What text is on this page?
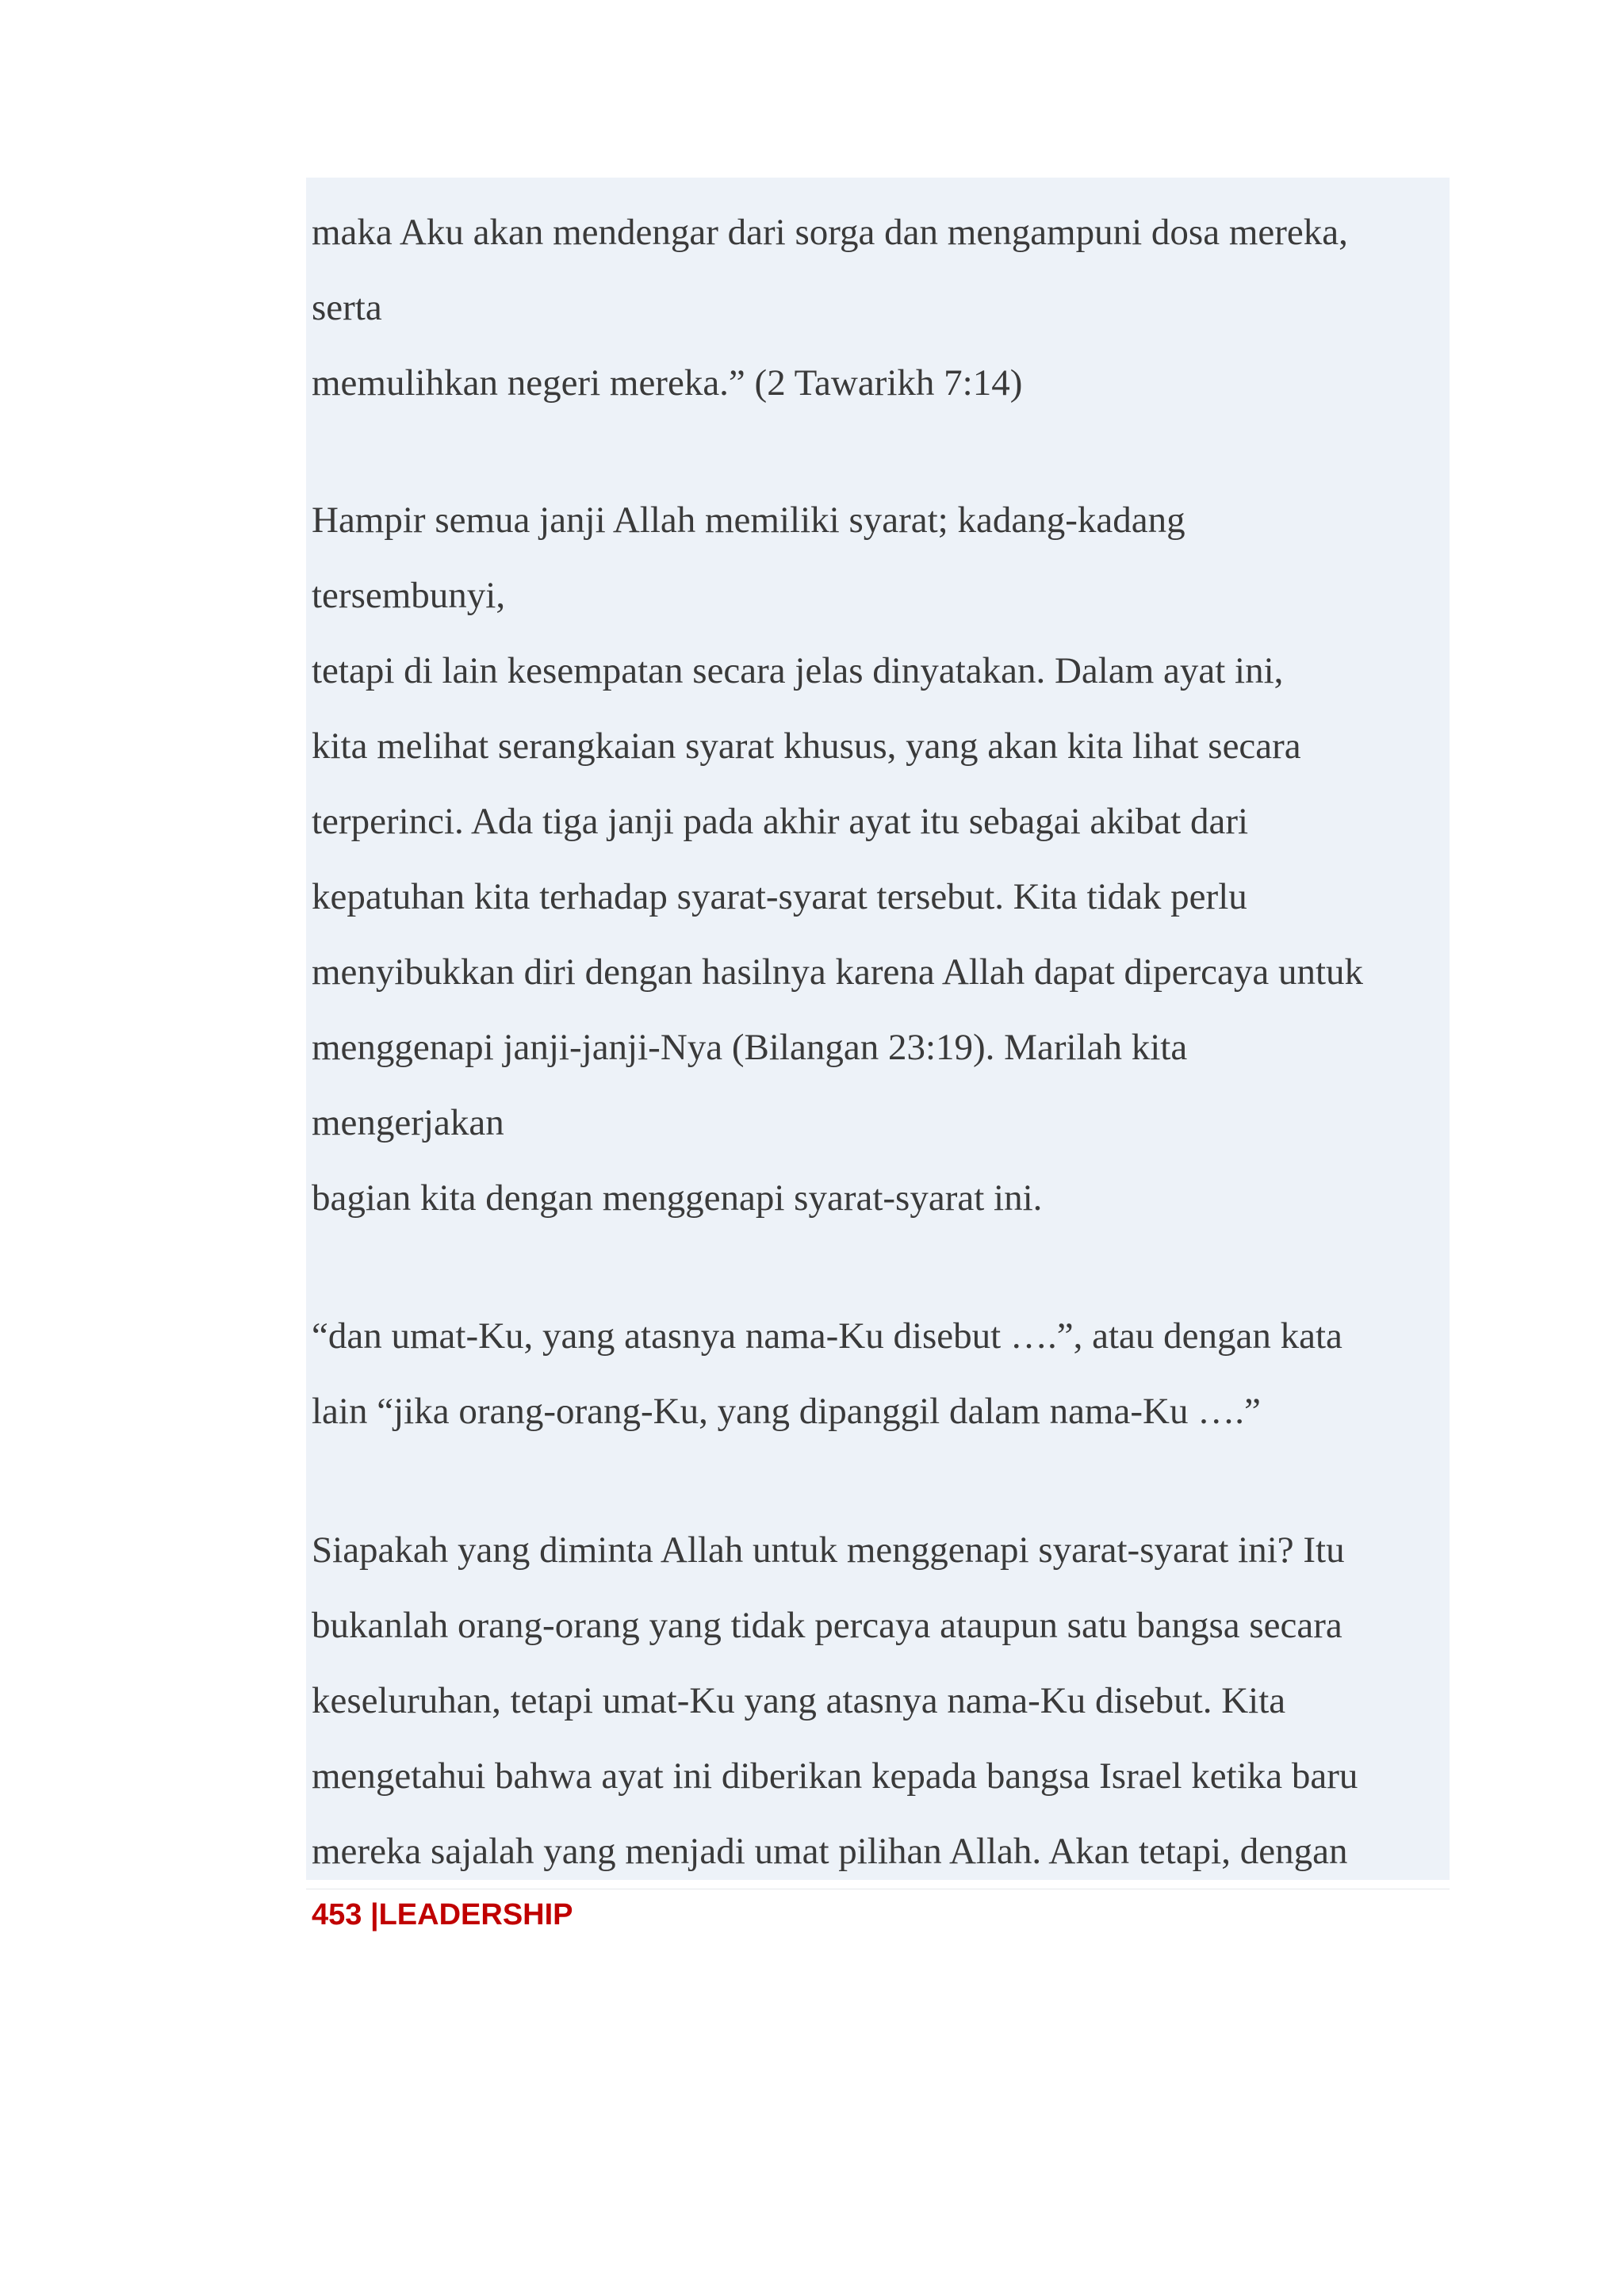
maka Aku akan mendengar dari sorga dan mengampuni dosa mereka,
serta
memulihkan negeri mereka.” (2 Tawarikh 7:14)
Hampir semua janji Allah memiliki syarat; kadang-kadang
tersembunyi,
tetapi di lain kesempatan secara jelas dinyatakan. Dalam ayat ini,
kita melihat serangkaian syarat khusus, yang akan kita lihat secara
terperinci. Ada tiga janji pada akhir ayat itu sebagai akibat dari
kepatuhan kita terhadap syarat-syarat tersebut. Kita tidak perlu
menyibukkan diri dengan hasilnya karena Allah dapat dipercaya untuk
menggenapi janji-janji-Nya (Bilangan 23:19). Marilah kita
mengerjakan
bagian kita dengan menggenapi syarat-syarat ini.
“dan umat-Ku, yang atasnya nama-Ku disebut ….”, atau dengan kata
lain “jika orang-orang-Ku, yang dipanggil dalam nama-Ku ….”
Siapakah yang diminta Allah untuk menggenapi syarat-syarat ini? Itu
bukanlah orang-orang yang tidak percaya ataupun satu bangsa secara
keseluruhan, tetapi umat-Ku yang atasnya nama-Ku disebut. Kita
mengetahui bahwa ayat ini diberikan kepada bangsa Israel ketika baru
mereka sajalah yang menjadi umat pilihan Allah. Akan tetapi, dengan
453 |LEADERSHIP
